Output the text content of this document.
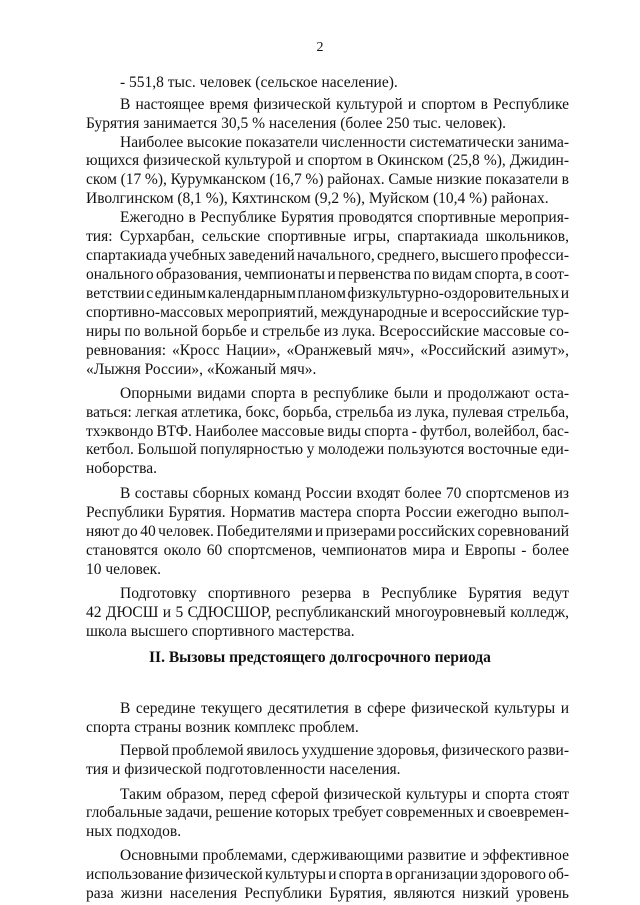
2

- 551,8 тыс. человек (сельское население).

В настоящее время физической культурой и спортом в Республике

Бурятия занимается 30,5 % населения (более 250 тыс. человек).

Наиболее высокие показатели численности систематически занима-

ющихся физической культурой и спортом в Окинском (25,8 %), Джидин-

ском (17 %), Курумканском (16,7 %) районах. Самые низкие показатели в

Иволгинском (8,1 %), Кяхтинском (9,2 %), Муйском (10,4 %) районах.

Ежегодно в Республике Бурятия проводятся спортивные мероприя-

тия: Сурхарбан, сельские спортивные игры, спартакиада школьников,

спартакиада учебных заведений начального, среднего, высшего професси-

онального образования, чемпионаты и первенства по видам спорта, в соот-

ветствии с единым календарным планом физкультурно-оздоровительных и

спортивно-массовых мероприятий, международные и всероссийские тур-

ниры по вольной борьбе и стрельбе из лука. Всероссийские массовые со-

ревнования: «Кросс Нации», «Оранжевый мяч», «Российский азимут»,

«Лыжня России», «Кожаный мяч».

Опорными видами спорта в республике были и продолжают оста-

ваться: легкая атлетика, бокс, борьба, стрельба из лука, пулевая стрельба,

тхэквондо ВТФ. Наиболее массовые виды спорта - футбол, волейбол, бас-

кетбол. Большой популярностью у молодежи пользуются восточные еди-

ноборства.

В составы сборных команд России входят более 70 спортсменов из

Республики Бурятия. Норматив мастера спорта России ежегодно выпол-

няют до 40 человек. Победителями и призерами российских соревнований

становятся около 60 спортсменов, чемпионатов мира и Европы - более

10 человек.

Подготовку спортивного резерва в Республике Бурятия ведут

42 ДЮСШ и 5 СДЮСШОР, республиканский многоуровневый колледж,

школа высшего спортивного мастерства.

В середине текущего десятилетия в сфере физической культуры и

спорта страны возник комплекс проблем.

Первой проблемой явилось ухудшение здоровья, физического разви-

тия и физической подготовленности населения.

Таким образом, перед сферой физической культуры и спорта стоят

глобальные задачи, решение которых требует современных и своевремен-

ных подходов.

Основными проблемами, сдерживающими развитие и эффективное

использование физической культуры и спорта в организации здорового об-

раза жизни населения Республики Бурятия, являются низкий уровень

II. Вызовы предстоящего долгосрочного периода
